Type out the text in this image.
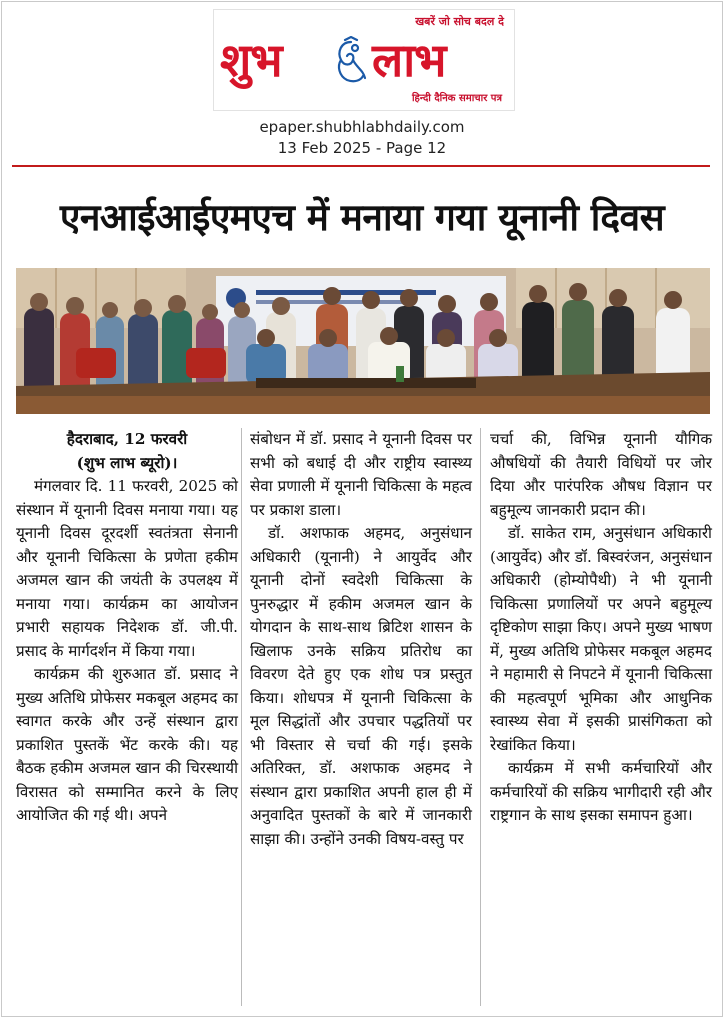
खबरें जो सोच बदल दे
शुभ लाभ
हिन्दी दैनिक समाचार पत्र
epaper.shubhlabhdaily.com
13 Feb 2025 - Page 12
एनआईआईएमएच में मनाया गया यूनानी दिवस

हैदराबाद, 12 फरवरी

(शुभ लाभ ब्यूरो)।

मंगलवार दि. 11 फरवरी, 2025 को संस्थान में यूनानी दिवस मनाया गया। यह यूनानी दिवस दूरदर्शी स्वतंत्रता सेनानी और यूनानी चिकित्सा के प्रणेता हकीम अजमल खान की जयंती के उपलक्ष्य में मनाया गया। कार्यक्रम का आयोजन प्रभारी सहायक निदेशक डॉ. जी.पी. प्रसाद के मार्गदर्शन में किया गया।

कार्यक्रम की शुरुआत डॉ. प्रसाद ने मुख्य अतिथि प्रोफेसर मकबूल अहमद का स्वागत करके और उन्हें संस्थान द्वारा प्रकाशित पुस्तकें भेंट करके की। यह बैठक हकीम अजमल खान की चिरस्थायी विरासत को सम्मानित करने के लिए आयोजित की गई थी। अपने

संबोधन में डॉ. प्रसाद ने यूनानी दिवस पर सभी को बधाई दी और राष्ट्रीय स्वास्थ्य सेवा प्रणाली में यूनानी चिकित्सा के महत्व पर प्रकाश डाला।

डॉ. अशफाक अहमद, अनुसंधान अधिकारी (यूनानी) ने आयुर्वेद और यूनानी दोनों स्वदेशी चिकित्सा के पुनरुद्धार में हकीम अजमल खान के योगदान के साथ-साथ ब्रिटिश शासन के खिलाफ उनके सक्रिय प्रतिरोध का विवरण देते हुए एक शोध पत्र प्रस्तुत किया। शोधपत्र में यूनानी चिकित्सा के मूल सिद्धांतों और उपचार पद्धतियों पर भी विस्तार से चर्चा की गई। इसके अतिरिक्त, डॉ. अशफाक अहमद ने संस्थान द्वारा प्रकाशित अपनी हाल ही में अनुवादित पुस्तकों के बारे में जानकारी साझा की। उन्होंने उनकी विषय-वस्तु पर

चर्चा की, विभिन्न यूनानी यौगिक औषधियों की तैयारी विधियों पर जोर दिया और पारंपरिक औषध विज्ञान पर बहुमूल्य जानकारी प्रदान की।

डॉ. साकेत राम, अनुसंधान अधिकारी (आयुर्वेद) और डॉ. बिस्वरंजन, अनुसंधान अधिकारी (होम्योपैथी) ने भी यूनानी चिकित्सा प्रणालियों पर अपने बहुमूल्य दृष्टिकोण साझा किए। अपने मुख्य भाषण में, मुख्य अतिथि प्रोफेसर मकबूल अहमद ने महामारी से निपटने में यूनानी चिकित्सा की महत्वपूर्ण भूमिका और आधुनिक स्वास्थ्य सेवा में इसकी प्रासंगिकता को रेखांकित किया।

कार्यक्रम में सभी कर्मचारियों और कर्मचारियों की सक्रिय भागीदारी रही और राष्ट्रगान के साथ इसका समापन हुआ।
